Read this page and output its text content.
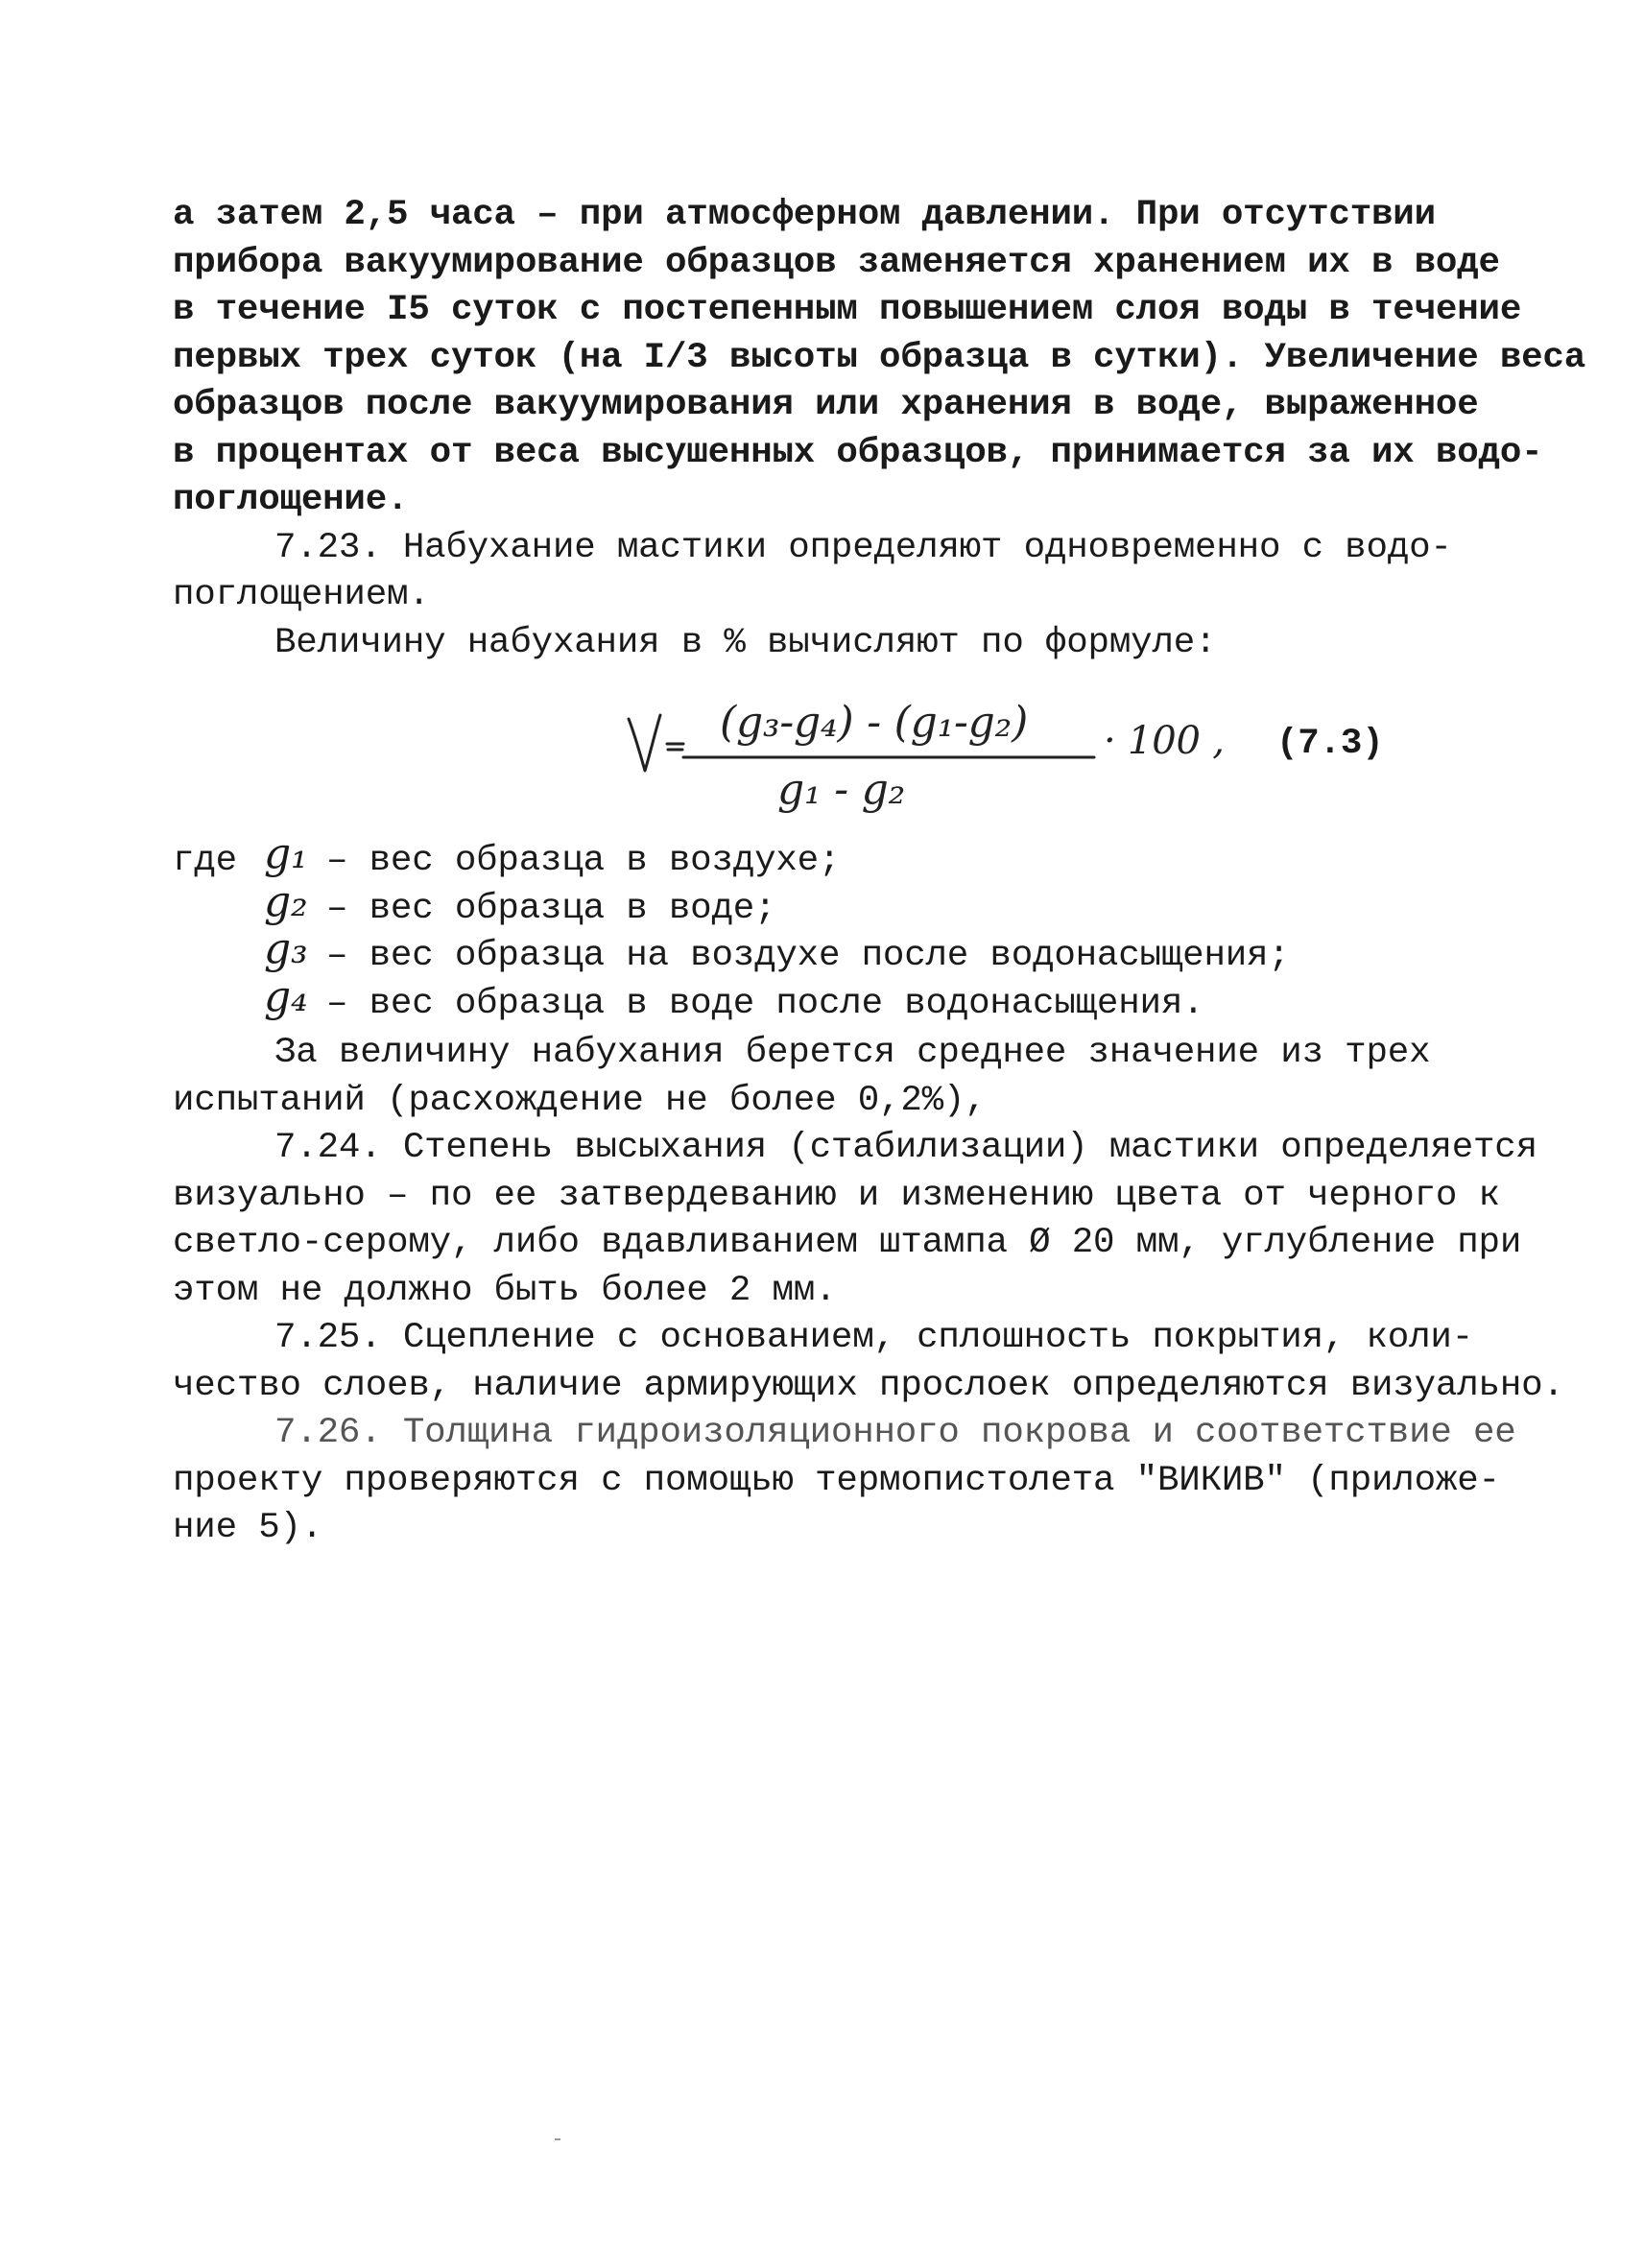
а затем 2,5 часа – при атмосферном давлении. При отсутствии

прибора вакуумирование образцов заменяется хранением их в воде

в течение I5 суток с постепенным повышением слоя воды в течение

первых трех суток (на I/3 высоты образца в сутки). Увеличение веса

образцов после вакуумирования или хранения в воде, выраженное

в процентах от веса высушенных образцов, принимается за их водо-

поглощение.

7.23. Набухание мастики определяют одновременно с водо-

поглощением.

Величину набухания в % вычисляют по формуле:

(g₃-g₄) - (g₁-g₂)
g₁ - g₂
· 100 , (7.3)

где

g₁

– вес образца в воздухе;

g₂

– вес образца в воде;

g₃

– вес образца на воздухе после водонасыщения;

g₄

– вес образца в воде после водонасыщения.

За величину набухания берется среднее значение из трех

испытаний (расхождение не более 0,2%),

7.24. Степень высыхания (стабилизации) мастики определяется

визуально – по ее затвердеванию и изменению цвета от черного к

светло-серому, либо вдавливанием штампа Ø 20 мм, углубление при

этом не должно быть более 2 мм.

7.25. Сцепление с основанием, сплошность покрытия, коли-

чество слоев, наличие армирующих прослоек определяются визуально.

7.26. Толщина гидроизоляционного покрова и соответствие ее

проекту проверяются с помощью термопистолета "ВИКИВ" (приложе-

ние 5).
